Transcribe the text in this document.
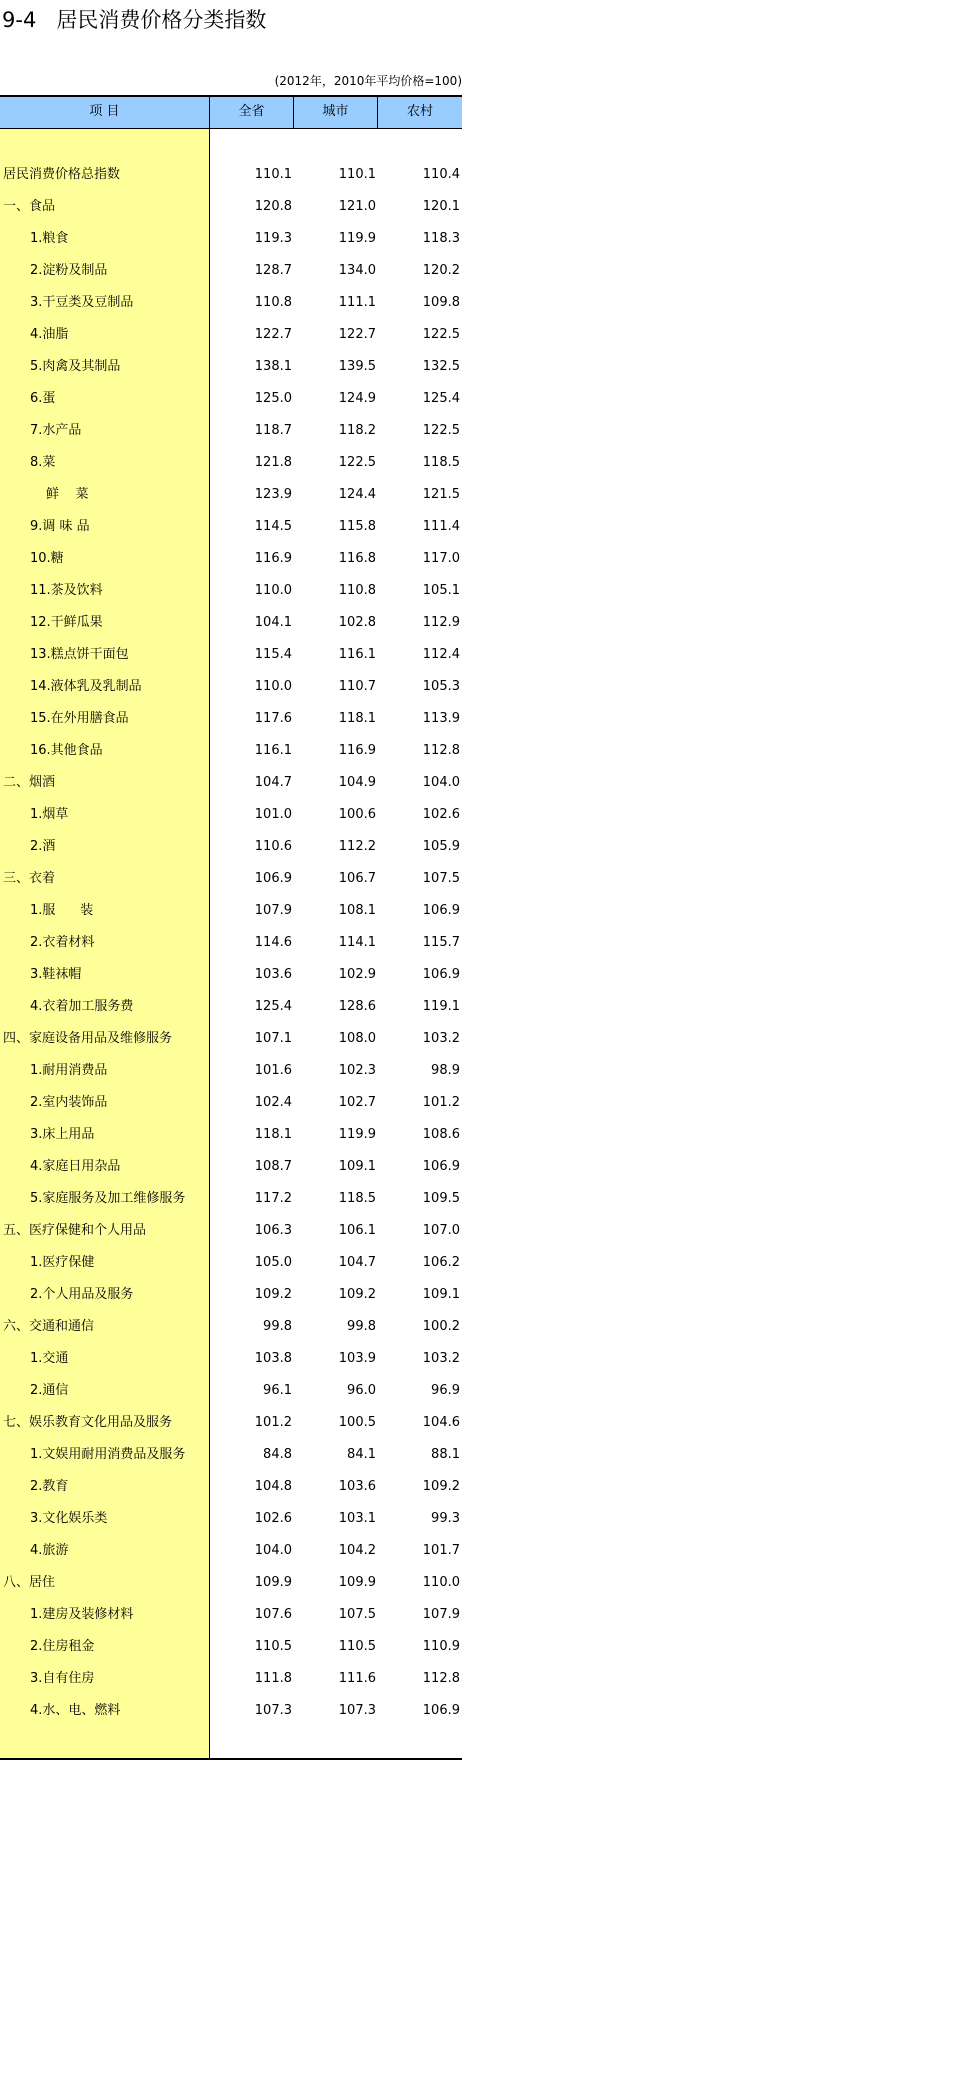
9-4   居民消费价格分类指数
(2012年，2010年平均价格=100)
项 目	全省	城市	农村
居民消费价格总指数	110.1	110.1	110.4
一、食品	120.8	121.0	120.1
1.粮食	119.3	119.9	118.3
2.淀粉及制品	128.7	134.0	120.2
3.干豆类及豆制品	110.8	111.1	109.8
4.油脂	122.7	122.7	122.5
5.肉禽及其制品	138.1	139.5	132.5
6.蛋	125.0	124.9	125.4
7.水产品	118.7	118.2	122.5
8.菜	121.8	122.5	118.5
鲜    菜	123.9	124.4	121.5
9.调 味 品	114.5	115.8	111.4
10.糖	116.9	116.8	117.0
11.茶及饮料	110.0	110.8	105.1
12.干鲜瓜果	104.1	102.8	112.9
13.糕点饼干面包	115.4	116.1	112.4
14.液体乳及乳制品	110.0	110.7	105.3
15.在外用膳食品	117.6	118.1	113.9
16.其他食品	116.1	116.9	112.8
二、烟酒	104.7	104.9	104.0
1.烟草	101.0	100.6	102.6
2.酒	110.6	112.2	105.9
三、衣着	106.9	106.7	107.5
1.服      装	107.9	108.1	106.9
2.衣着材料	114.6	114.1	115.7
3.鞋袜帽	103.6	102.9	106.9
4.衣着加工服务费	125.4	128.6	119.1
四、家庭设备用品及维修服务	107.1	108.0	103.2
1.耐用消费品	101.6	102.3	98.9
2.室内装饰品	102.4	102.7	101.2
3.床上用品	118.1	119.9	108.6
4.家庭日用杂品	108.7	109.1	106.9
5.家庭服务及加工维修服务	117.2	118.5	109.5
五、医疗保健和个人用品	106.3	106.1	107.0
1.医疗保健	105.0	104.7	106.2
2.个人用品及服务	109.2	109.2	109.1
六、交通和通信	99.8	99.8	100.2
1.交通	103.8	103.9	103.2
2.通信	96.1	96.0	96.9
七、娱乐教育文化用品及服务	101.2	100.5	104.6
1.文娱用耐用消费品及服务	84.8	84.1	88.1
2.教育	104.8	103.6	109.2
3.文化娱乐类	102.6	103.1	99.3
4.旅游	104.0	104.2	101.7
八、居住	109.9	109.9	110.0
1.建房及装修材料	107.6	107.5	107.9
2.住房租金	110.5	110.5	110.9
3.自有住房	111.8	111.6	112.8
4.水、电、燃料	107.3	107.3	106.9
